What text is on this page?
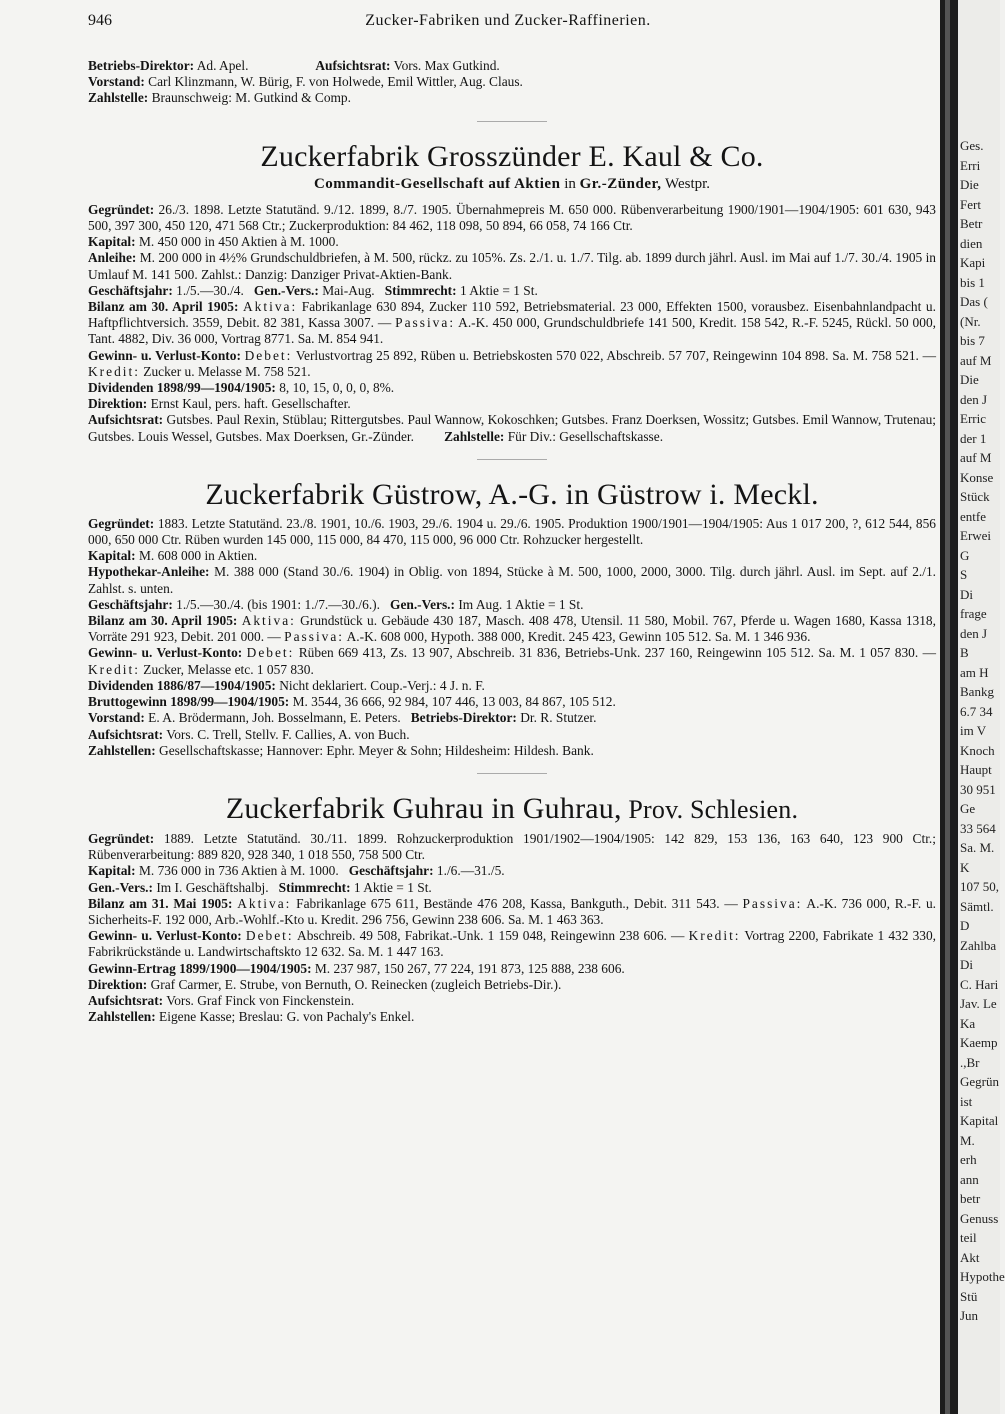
946	Zucker-Fabriken und Zucker-Raffinerien.

Betriebs-Direktor: Ad. Apel.	Aufsichtsrat: Vors. Max Gutkind.

Vorstand: Carl Klinzmann, W. Bürig, F. von Holwede, Emil Wittler, Aug. Claus.

Zahlstelle: Braunschweig: M. Gutkind & Comp.

Zuckerfabrik Grosszünder E. Kaul & Co.
Commandit-Gesellschaft auf Aktien in Gr.-Zünder, Westpr.

Gegründet: 26./3. 1898. Letzte Statutänd. 9./12. 1899, 8./7. 1905. Übernahmepreis M. 650 000. Rübenverarbeitung 1900/1901—1904/1905: 601 630, 943 500, 397 300, 450 120, 471 568 Ctr.; Zuckerproduktion: 84 462, 118 098, 50 894, 66 058, 74 166 Ctr.

Kapital: M. 450 000 in 450 Aktien à M. 1000.

Anleihe: M. 200 000 in 4½% Grundschuldbriefen, à M. 500, rückz. zu 105%. Zs. 2./1. u. 1./7. Tilg. ab. 1899 durch jährl. Ausl. im Mai auf 1./7. 30./4. 1905 in Umlauf M. 141 500. Zahlst.: Danzig: Danziger Privat-Aktien-Bank.

Geschäftsjahr: 1./5.—30./4. Gen.-Vers.: Mai-Aug. Stimmrecht: 1 Aktie = 1 St.

Bilanz am 30. April 1905: Aktiva: Fabrikanlage 630 894, Zucker 110 592, Betriebsmaterial. 23 000, Effekten 1500, vorausbez. Eisenbahnlandpacht u. Haftpflichtversich. 3559, Debit. 82 381, Kassa 3007. — Passiva: A.-K. 450 000, Grundschuldbriefe 141 500, Kredit. 158 542, R.-F. 5245, Rückl. 50 000, Tant. 4882, Div. 36 000, Vortrag 8771. Sa. M. 854 941.

Gewinn- u. Verlust-Konto: Debet: Verlustvortrag 25 892, Rüben u. Betriebskosten 570 022, Abschreib. 57 707, Reingewinn 104 898. Sa. M. 758 521. — Kredit: Zucker u. Melasse M. 758 521.

Dividenden 1898/99—1904/1905: 8, 10, 15, 0, 0, 0, 8%.

Direktion: Ernst Kaul, pers. haft. Gesellschafter.

Aufsichtsrat: Gutsbes. Paul Rexin, Stüblau; Rittergutsbes. Paul Wannow, Kokoschken; Gutsbes. Franz Doerksen, Wossitz; Gutsbes. Emil Wannow, Trutenau; Gutsbes. Louis Wessel, Gutsbes. Max Doerksen, Gr.-Zünder. Zahlstelle: Für Div.: Gesellschaftskasse.

Zuckerfabrik Güstrow, A.-G. in Güstrow i. Meckl.

Gegründet: 1883. Letzte Statutänd. 23./8. 1901, 10./6. 1903, 29./6. 1904 u. 29./6. 1905. Produktion 1900/1901—1904/1905: Aus 1 017 200, ?, 612 544, 856 000, 650 000 Ctr. Rüben wurden 145 000, 115 000, 84 470, 115 000, 96 000 Ctr. Rohzucker hergestellt.

Kapital: M. 608 000 in Aktien.

Hypothekar-Anleihe: M. 388 000 (Stand 30./6. 1904) in Oblig. von 1894, Stücke à M. 500, 1000, 2000, 3000. Tilg. durch jährl. Ausl. im Sept. auf 2./1. Zahlst. s. unten.

Geschäftsjahr: 1./5.—30./4. (bis 1901: 1./7.—30./6.). Gen.-Vers.: Im Aug. 1 Aktie = 1 St.

Bilanz am 30. April 1905: Aktiva: Grundstück u. Gebäude 430 187, Masch. 408 478, Utensil. 11 580, Mobil. 767, Pferde u. Wagen 1680, Kassa 1318, Vorräte 291 923, Debit. 201 000. — Passiva: A.-K. 608 000, Hypoth. 388 000, Kredit. 245 423, Gewinn 105 512. Sa. M. 1 346 936.

Gewinn- u. Verlust-Konto: Debet: Rüben 669 413, Zs. 13 907, Abschreib. 31 836, Betriebs-Unk. 237 160, Reingewinn 105 512. Sa. M. 1 057 830. — Kredit: Zucker, Melasse etc. 1 057 830.

Dividenden 1886/87—1904/1905: Nicht deklariert. Coup.-Verj.: 4 J. n. F.

Bruttogewinn 1898/99—1904/1905: M. 3544, 36 666, 92 984, 107 446, 13 003, 84 867, 105 512.

Vorstand: E. A. Brödermann, Joh. Bosselmann, E. Peters. Betriebs-Direktor: Dr. R. Stutzer.

Aufsichtsrat: Vors. C. Trell, Stellv. F. Callies, A. von Buch.

Zahlstellen: Gesellschaftskasse; Hannover: Ephr. Meyer & Sohn; Hildesheim: Hildesh. Bank.

Zuckerfabrik Guhrau in Guhrau, Prov. Schlesien.

Gegründet: 1889. Letzte Statutänd. 30./11. 1899. Rohzuckerproduktion 1901/1902—1904/1905: 142 829, 153 136, 163 640, 123 900 Ctr.; Rübenverarbeitung: 889 820, 928 340, 1 018 550, 758 500 Ctr.

Kapital: M. 736 000 in 736 Aktien à M. 1000. Geschäftsjahr: 1./6.—31./5.

Gen.-Vers.: Im I. Geschäftshalbj. Stimmrecht: 1 Aktie = 1 St.

Bilanz am 31. Mai 1905: Aktiva: Fabrikanlage 675 611, Bestände 476 208, Kassa, Bankguth., Debit. 311 543. — Passiva: A.-K. 736 000, R.-F. u. Sicherheits-F. 192 000, Arb.-Wohlf.-Kto u. Kredit. 296 756, Gewinn 238 606. Sa. M. 1 463 363.

Gewinn- u. Verlust-Konto: Debet: Abschreib. 49 508, Fabrikat.-Unk. 1 159 048, Reingewinn 238 606. — Kredit: Vortrag 2200, Fabrikate 1 432 330, Fabrikrückstände u. Landwirtschaftskto 12 632. Sa. M. 1 447 163.

Gewinn-Ertrag 1899/1900—1904/1905: M. 237 987, 150 267, 77 224, 191 873, 125 888, 238 606.

Direktion: Graf Carmer, E. Strube, von Bernuth, O. Reinecken (zugleich Betriebs-Dir.).

Aufsichtsrat: Vors. Graf Finck von Finckenstein.

Zahlstellen: Eigene Kasse; Breslau: G. von Pachaly's Enkel.

Ges.
Erri
Die
Fert
Betr
dien
Kapi
bis 1
Das (
(Nr.
bis 7
auf M
Die
den J
Erric
der 1
auf M
Konse
Stück
entfe
Erwei
G
S
Di
frage
den J
B
am H
Bankg
6.7 34
im V
Knoch
Haupt
30 951
Ge
33 564
Sa. M.
K
107 50,
Sämtl.
D
Zahlba
Di
C. Hari
Jav. Le
Ka
Kaemp
.,Br
Gegrün
ist
Kapital
M.
erh
ann
betr
Genuss
teil
Akt
Hypothe
Stü
Jun
